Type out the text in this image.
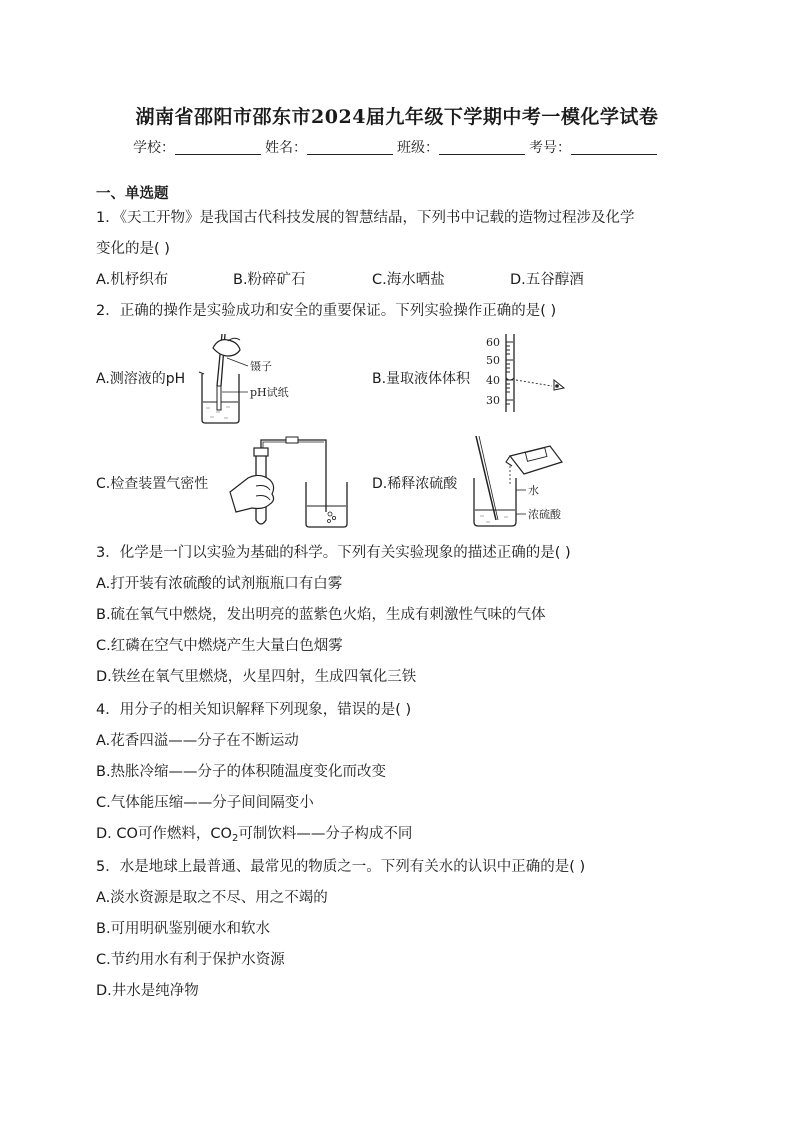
湖南省邵阳市邵东市2024届九年级下学期中考一模化学试卷
学校：	姓名：	班级：	考号：
一、单选题
1．《天工开物》是我国古代科技发展的智慧结晶，下列书中记载的造物过程涉及化学
变化的是( )
A.机杼织布	B.粉碎矿石	C.海水晒盐	D.五谷醇酒
2．正确的操作是实验成功和安全的重要保证。下列实验操作正确的是( )
A.测溶液的pH
镊子
pH试纸
B.量取液体体积
60
50
40
30
C.检查装置气密性	D.稀释浓硫酸	水
浓硫酸
3．化学是一门以实验为基础的科学。下列有关实验现象的描述正确的是( )
A.打开装有浓硫酸的试剂瓶瓶口有白雾
B.硫在氧气中燃烧，发出明亮的蓝紫色火焰，生成有刺激性气味的气体
C.红磷在空气中燃烧产生大量白色烟雾
D.铁丝在氧气里燃烧，火星四射，生成四氧化三铁
4．用分子的相关知识解释下列现象，错误的是( )
A.花香四溢——分子在不断运动
B.热胀冷缩——分子的体积随温度变化而改变
C.气体能压缩——分子间间隔变小
D. CO可作燃料，$CO_2$可制饮料——分子构成不同
5．水是地球上最普通、最常见的物质之一。下列有关水的认识中正确的是( )
A.淡水资源是取之不尽、用之不竭的
B.可用明矾鉴别硬水和软水
C.节约用水有利于保护水资源
D.井水是纯净物
